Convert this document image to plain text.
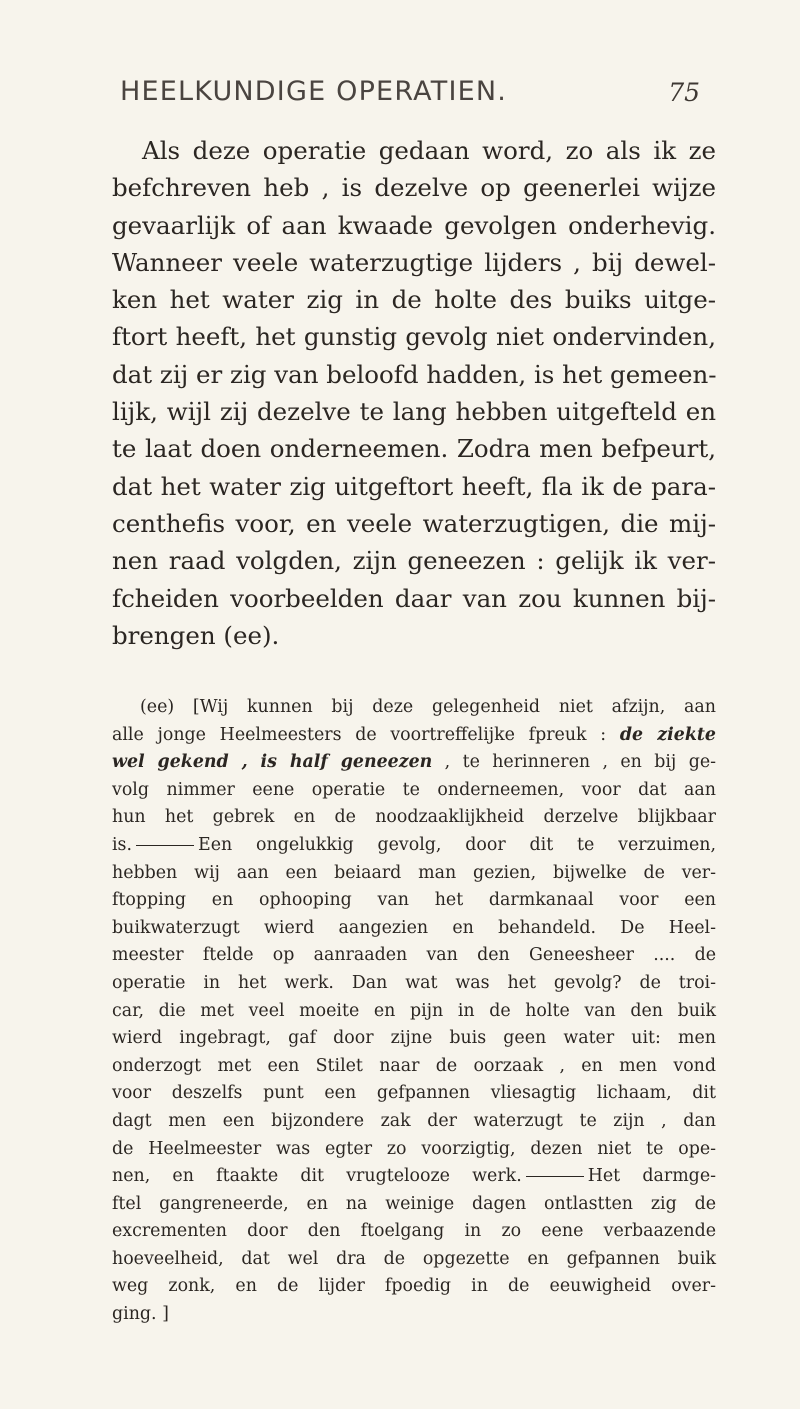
HEELKUNDIGE OPERATIEN.	75
Als deze operatie gedaan word, zo als ik ze
befchreven heb , is dezelve op geenerlei wijze
gevaarlijk of aan kwaade gevolgen onderhevig.
Wanneer veele waterzugtige lijders , bij dewel-
ken het water zig in de holte des buiks uitge-
ftort heeft, het gunstig gevolg niet ondervinden,
dat zij er zig van beloofd hadden, is het gemeen-
lijk, wijl zij dezelve te lang hebben uitgefteld en
te laat doen onderneemen. Zodra men befpeurt,
dat het water zig uitgeftort heeft, fla ik de para-
centhefis voor, en veele waterzugtigen, die mij-
nen raad volgden, zijn geneezen : gelijk ik ver-
fcheiden voorbeelden daar van zou kunnen bij-
brengen (ee).
(ee) [Wij kunnen bij deze gelegenheid niet afzijn, aan
alle jonge Heelmeesters de voortreffelijke fpreuk : de ziekte
wel gekend , is half geneezen , te herinneren , en bij ge-
volg nimmer eene operatie te onderneemen, voor dat aan
hun het gebrek en de noodzaaklijkheid derzelve blijkbaar
is.	Een ongelukkig gevolg, door dit te verzuimen,
hebben wij aan een beiaard man gezien, bijwelke de ver-
ftopping en ophooping van het darmkanaal voor een
buikwaterzugt wierd aangezien en behandeld. De Heel-
meester ftelde op aanraaden van den Geneesheer .... de
operatie in het werk. Dan wat was het gevolg? de troi-
car, die met veel moeite en pijn in de holte van den buik
wierd ingebragt, gaf door zijne buis geen water uit: men
onderzogt met een Stilet naar de oorzaak , en men vond
voor deszelfs punt een gefpannen vliesagtig lichaam, dit
dagt men een bijzondere zak der waterzugt te zijn , dan
de Heelmeester was egter zo voorzigtig, dezen niet te ope-
nen, en ftaakte dit vrugtelooze werk.	Het darmge-
ftel gangreneerde, en na weinige dagen ontlastten zig de
excrementen door den ftoelgang in zo eene verbaazende
hoeveelheid, dat wel dra de opgezette en gefpannen buik
weg zonk, en de lijder fpoedig in de eeuwigheid over-
ging. ]
